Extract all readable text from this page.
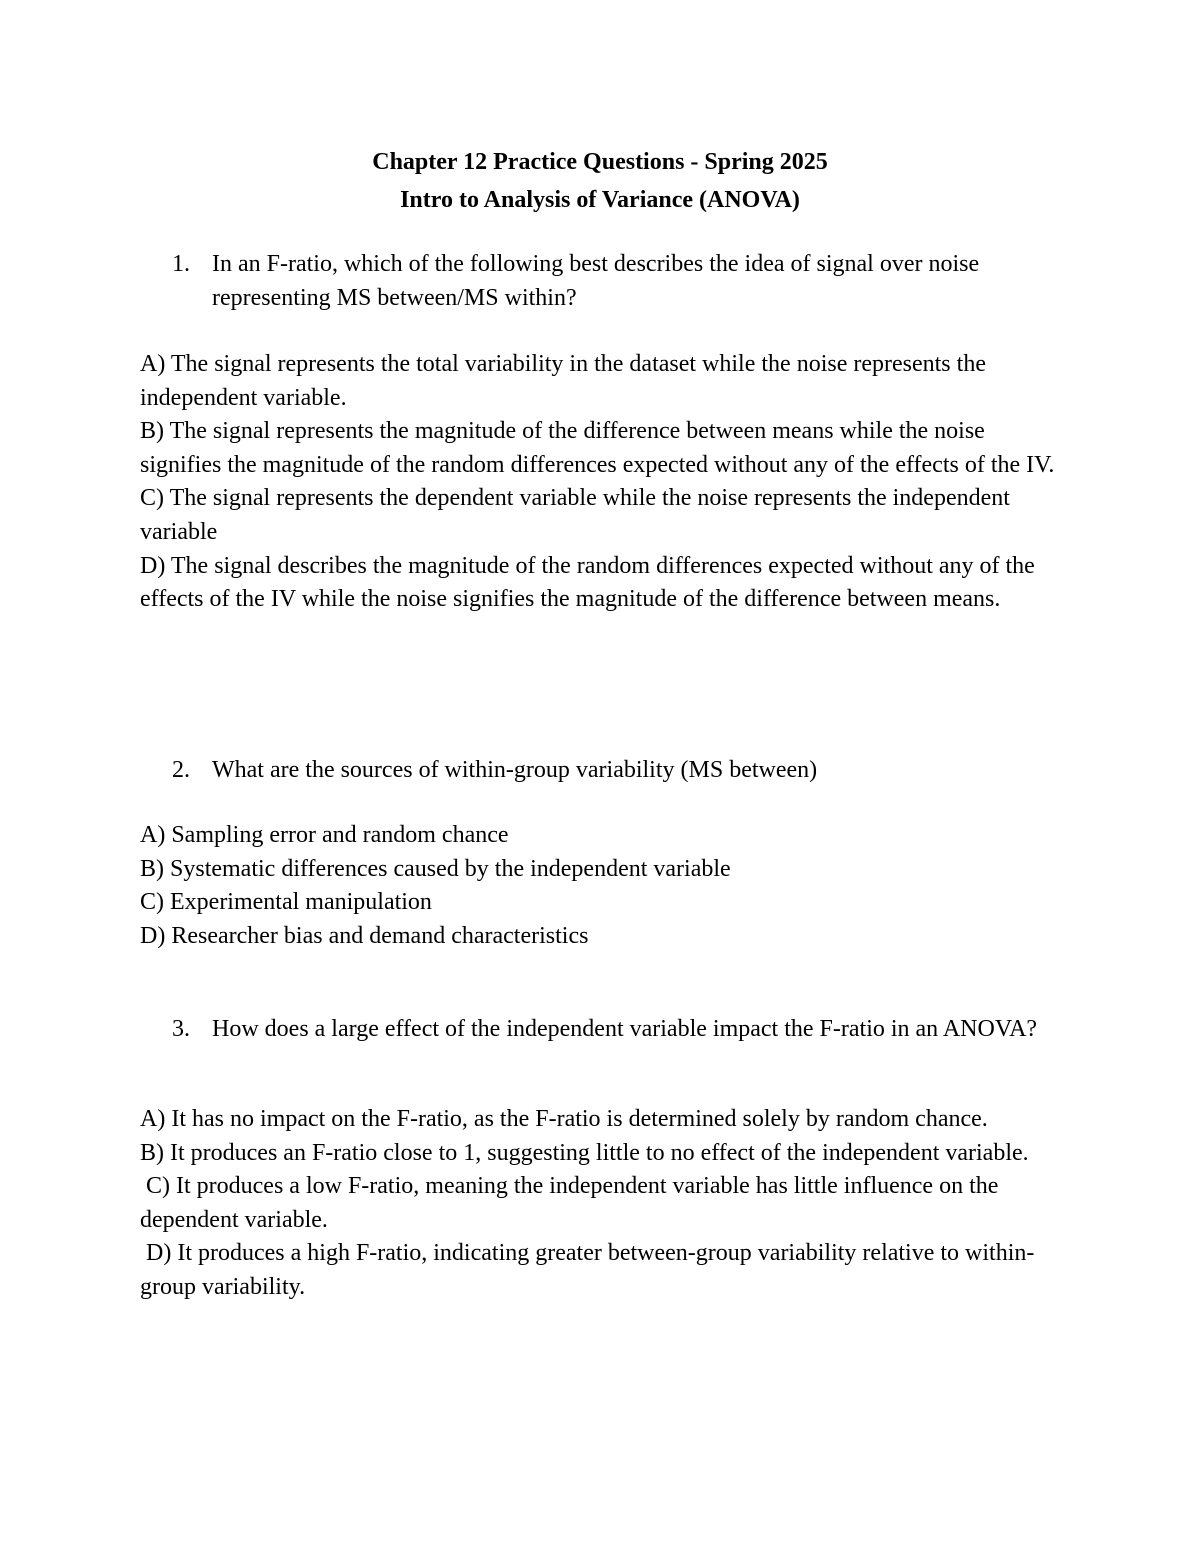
Chapter 12 Practice Questions - Spring 2025
Intro to Analysis of Variance (ANOVA)
1. In an F-ratio, which of the following best describes the idea of signal over noise representing MS between/MS within?
A) The signal represents the total variability in the dataset while the noise represents the independent variable.
B) The signal represents the magnitude of the difference between means while the noise signifies the magnitude of the random differences expected without any of the effects of the IV.
C) The signal represents the dependent variable while the noise represents the independent variable
D) The signal describes the magnitude of the random differences expected without any of the effects of the IV while the noise signifies the magnitude of the difference between means.
2. What are the sources of within-group variability (MS between)
A) Sampling error and random chance
B) Systematic differences caused by the independent variable
C) Experimental manipulation
D) Researcher bias and demand characteristics
3. How does a large effect of the independent variable impact the F-ratio in an ANOVA?
A) It has no impact on the F-ratio, as the F-ratio is determined solely by random chance.
B) It produces an F-ratio close to 1, suggesting little to no effect of the independent variable.
C) It produces a low F-ratio, meaning the independent variable has little influence on the dependent variable.
D) It produces a high F-ratio, indicating greater between-group variability relative to within-group variability.
